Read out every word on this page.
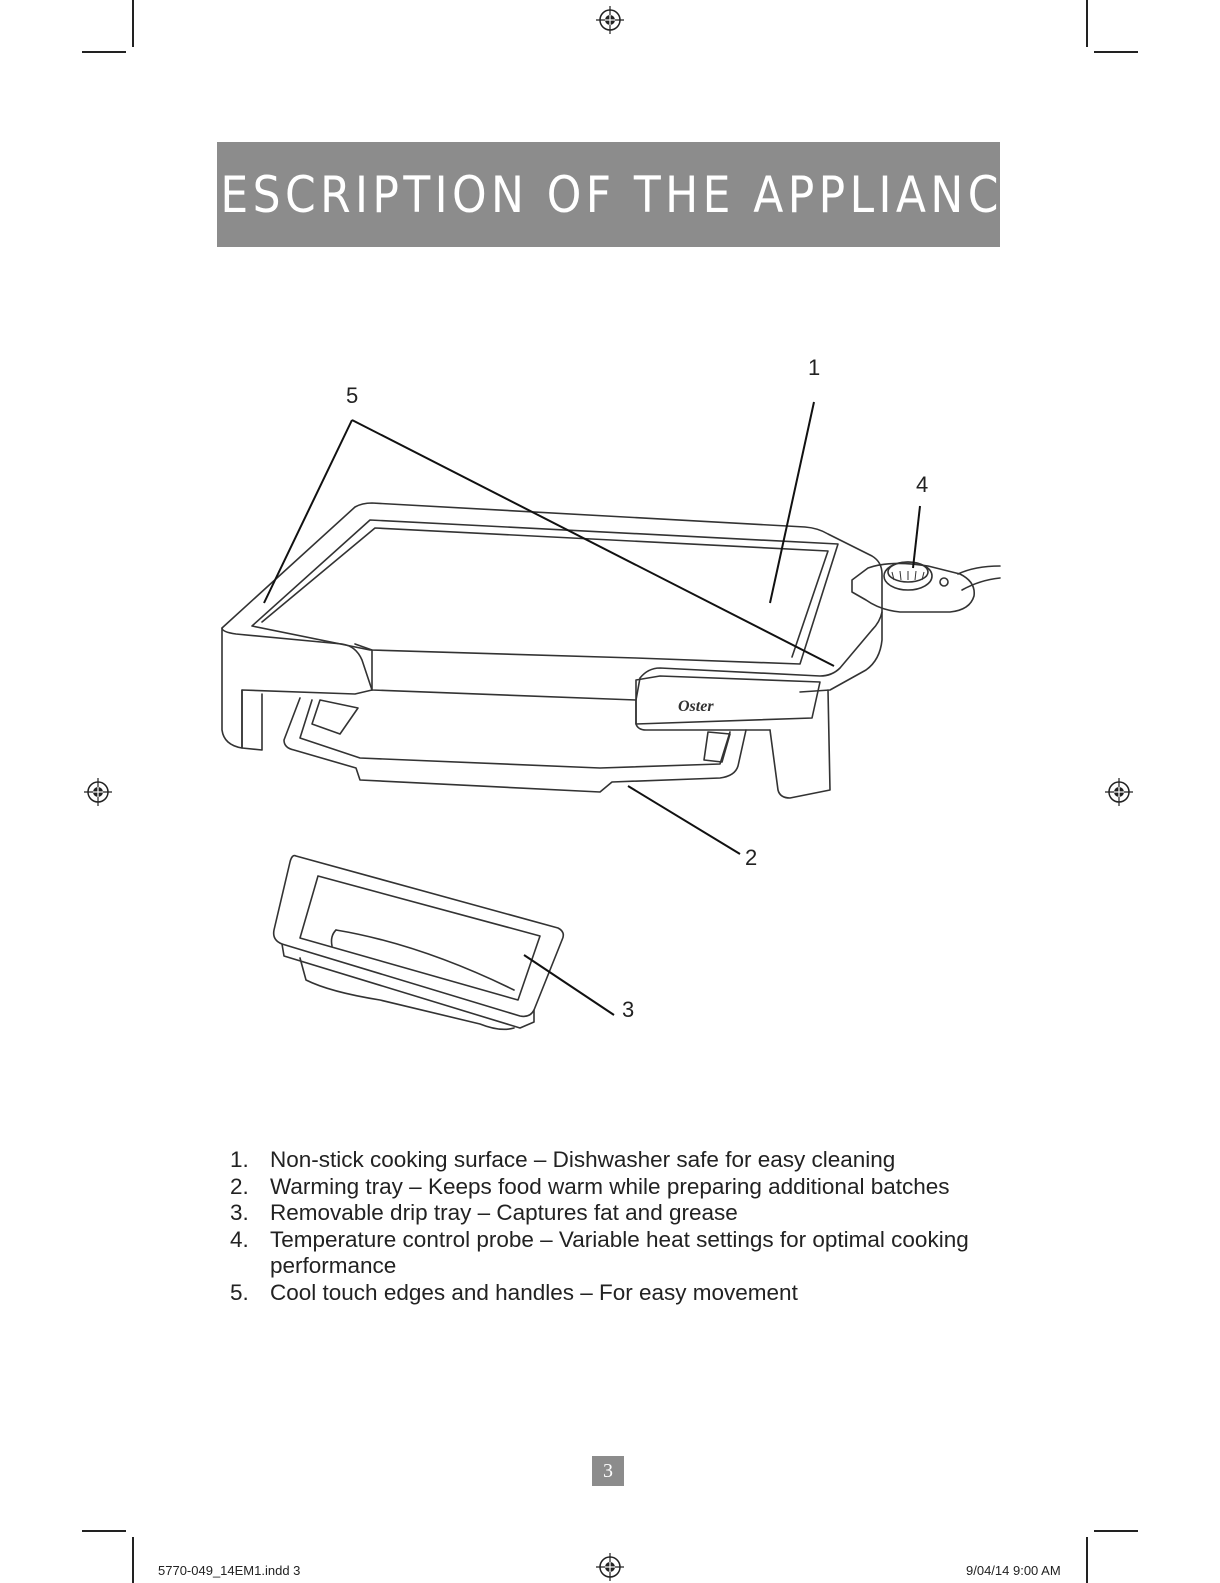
DESCRIPTION OF THE APPLIANCE
Oster
5
1
4
2
3
1. Non-stick cooking surface – Dishwasher safe for easy cleaning
2. Warming tray – Keeps food warm while preparing additional batches
3. Removable drip tray – Captures fat and grease
4. Temperature control probe – Variable heat settings for optimal cooking performance
5. Cool touch edges and handles – For easy movement
3
5770-049_14EM1.indd 3	9/04/14 9:00 AM
